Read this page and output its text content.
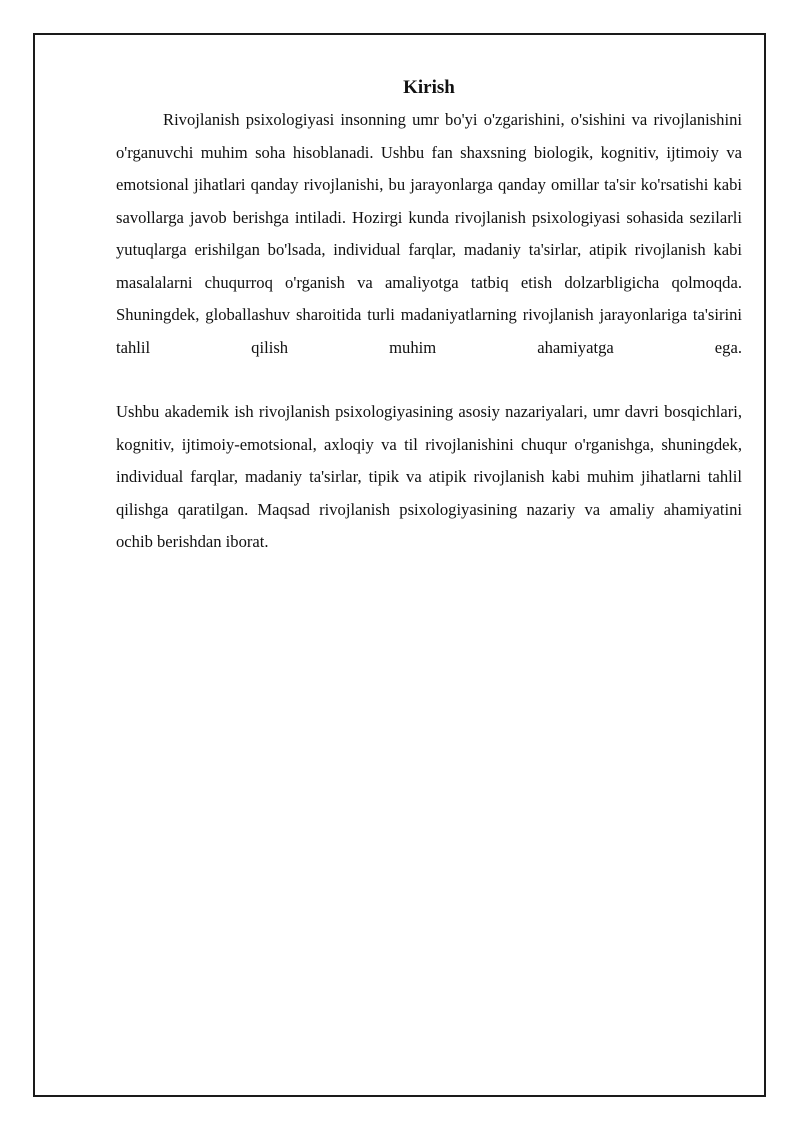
Kirish

Rivojlanish psixologiyasi insonning umr bo'yi o'zgarishini, o'sishini va rivojlanishini o'rganuvchi muhim soha hisoblanadi. Ushbu fan shaxsning biologik, kognitiv, ijtimoiy va emotsional jihatlari qanday rivojlanishi, bu jarayonlarga qanday omillar ta'sir ko'rsatishi kabi savollarga javob berishga intiladi. Hozirgi kunda rivojlanish psixologiyasi sohasida sezilarli yutuqlarga erishilgan bo'lsada, individual farqlar, madaniy ta'sirlar, atipik rivojlanish kabi masalalarni chuqurroq o'rganish va amaliyotga tatbiq etish dolzarbligicha qolmoqda. Shuningdek, globallashuv sharoitida turli madaniyatlarning rivojlanish jarayonlariga ta'sirini tahlil qilish muhim ahamiyatga ega.

Ushbu akademik ish rivojlanish psixologiyasining asosiy nazariyalari, umr davri bosqichlari, kognitiv, ijtimoiy-emotsional, axloqiy va til rivojlanishini chuqur o'rganishga, shuningdek, individual farqlar, madaniy ta'sirlar, tipik va atipik rivojlanish kabi muhim jihatlarni tahlil qilishga qaratilgan. Maqsad rivojlanish psixologiyasining nazariy va amaliy ahamiyatini ochib berishdan iborat.
